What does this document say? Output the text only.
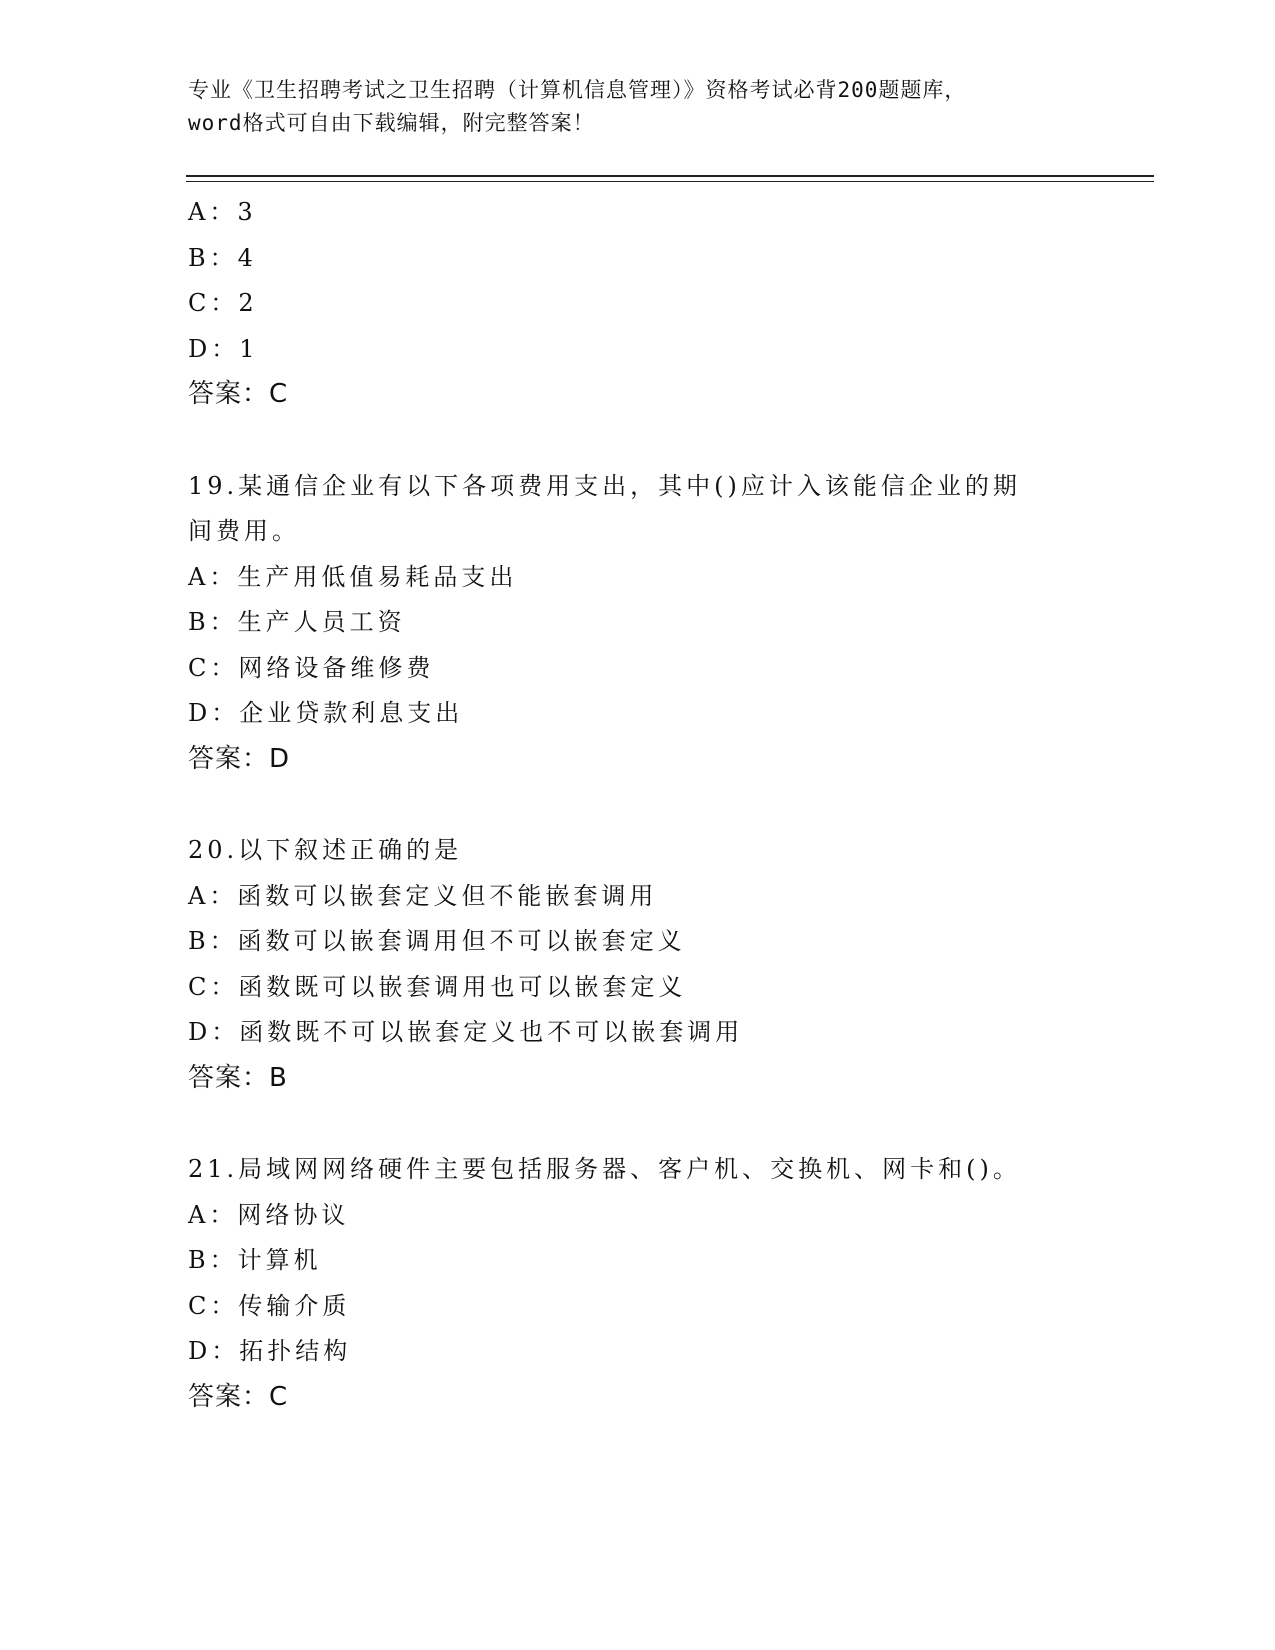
专业《卫生招聘考试之卫生招聘（计算机信息管理）》资格考试必背200题题库，
word格式可自由下载编辑，附完整答案！
A：3
B：4
C：2
D：1
答案：C
19.某通信企业有以下各项费用支出，其中()应计入该能信企业的期间费用。
A：生产用低值易耗品支出
B：生产人员工资
C：网络设备维修费
D：企业贷款利息支出
答案：D
20.以下叙述正确的是
A：函数可以嵌套定义但不能嵌套调用
B：函数可以嵌套调用但不可以嵌套定义
C：函数既可以嵌套调用也可以嵌套定义
D：函数既不可以嵌套定义也不可以嵌套调用
答案：B
21.局域网网络硬件主要包括服务器、客户机、交换机、网卡和()。
A：网络协议
B：计算机
C：传输介质
D：拓扑结构
答案：C
